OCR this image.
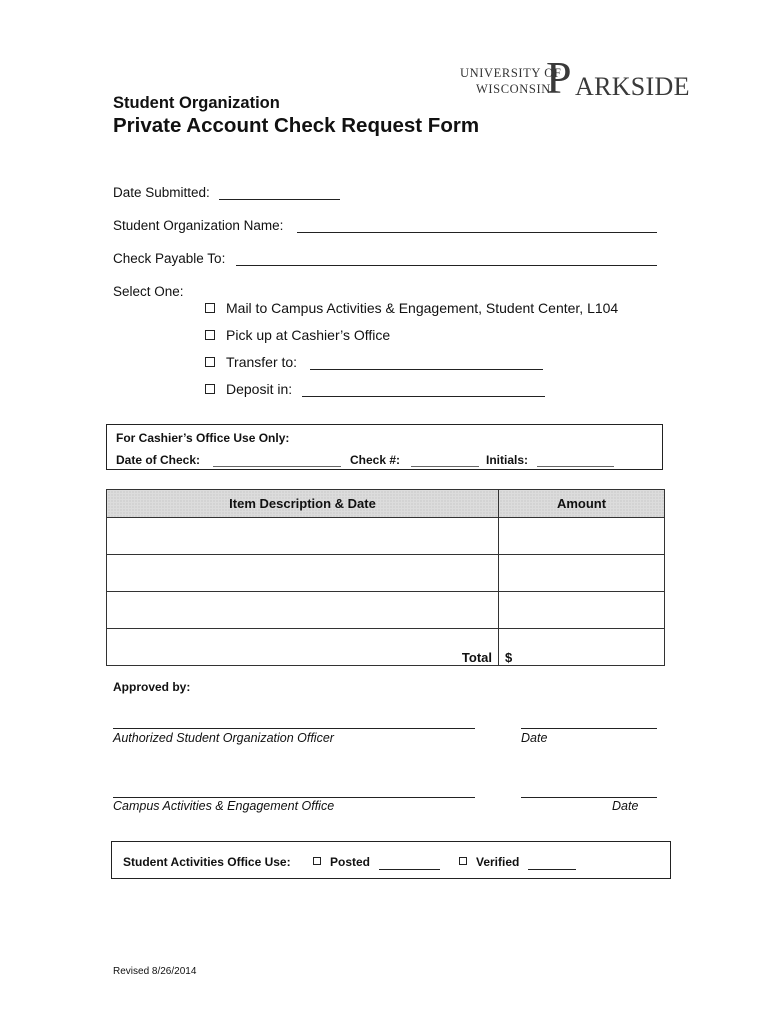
UNIVERSITY OF
WISCONSIN
P ARKSIDE
Student Organization
Private Account Check Request Form
Date Submitted:
Student Organization Name:
Check Payable To:
Select One:
Mail to Campus Activities & Engagement, Student Center, L104
Pick up at Cashier’s Office
Transfer to:
Deposit in:
For Cashier’s Office Use Only:
Date of Check:	Check #:	Initials:
Item Description & Date	Amount

Total	$
Approved by:
Authorized Student Organization Officer	Date
Campus Activities & Engagement Office	Date
Student Activities Office Use:	Posted	Verified
Revised 8/26/2014
